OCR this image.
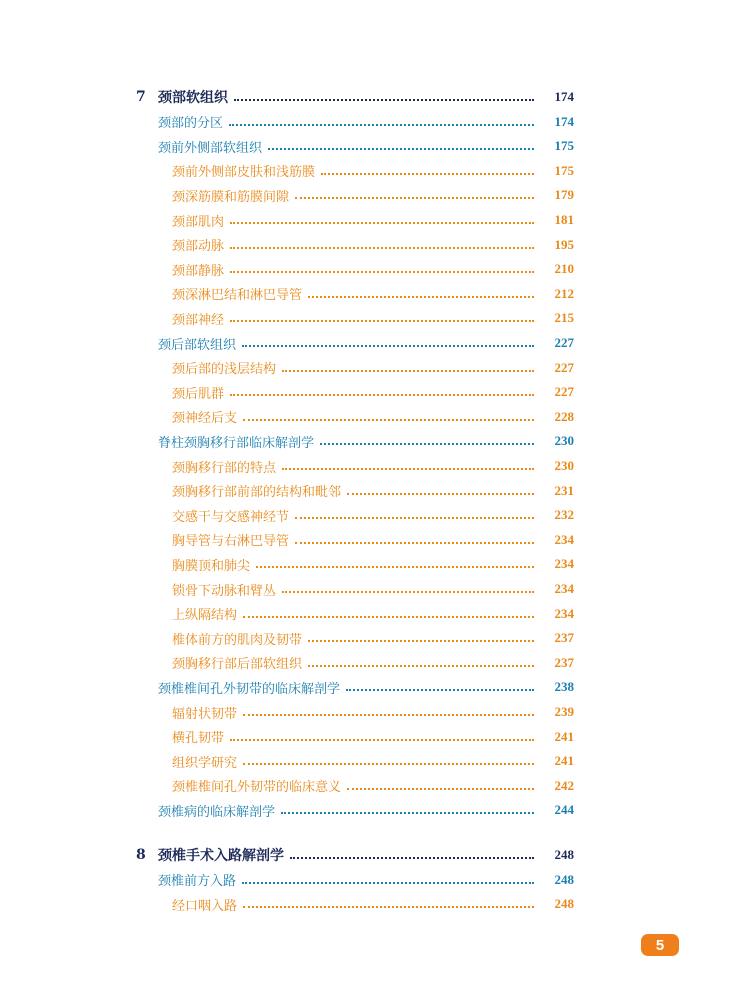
7 颈部软组织	174
颈部的分区	174
颈前外侧部软组织	175
颈前外侧部皮肤和浅筋膜	175
颈深筋膜和筋膜间隙	179
颈部肌肉	181
颈部动脉	195
颈部静脉	210
颈深淋巴结和淋巴导管	212
颈部神经	215
颈后部软组织	227
颈后部的浅层结构	227
颈后肌群	227
颈神经后支	228
脊柱颈胸移行部临床解剖学	230
颈胸移行部的特点	230
颈胸移行部前部的结构和毗邻	231
交感干与交感神经节	232
胸导管与右淋巴导管	234
胸膜顶和肺尖	234
锁骨下动脉和臂丛	234
上纵隔结构	234
椎体前方的肌肉及韧带	237
颈胸移行部后部软组织	237
颈椎椎间孔外韧带的临床解剖学	238
辐射状韧带	239
横孔韧带	241
组织学研究	241
颈椎椎间孔外韧带的临床意义	242
颈椎病的临床解剖学	244
8 颈椎手术入路解剖学	248
颈椎前方入路	248
经口咽入路	248
5
